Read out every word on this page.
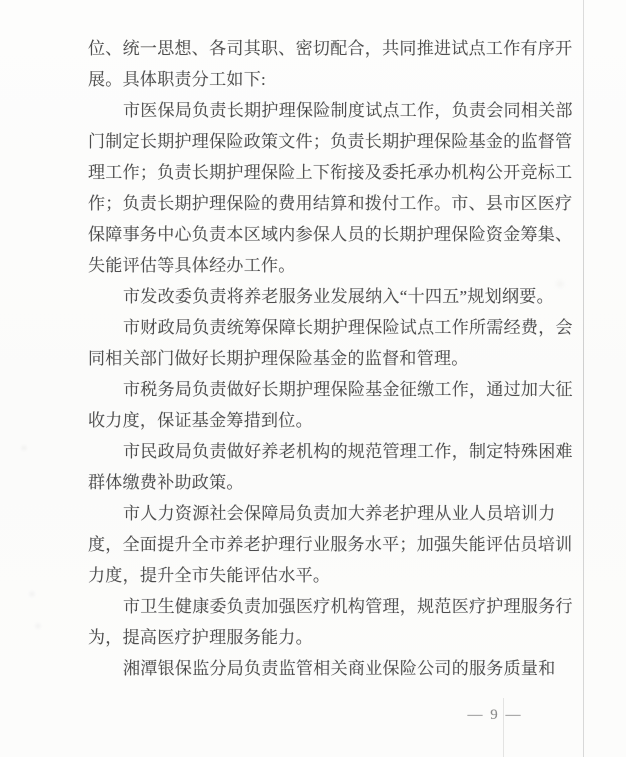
位、统一思想、各司其职、密切配合，共同推进试点工作有序开
展。具体职责分工如下:
市医保局负责长期护理保险制度试点工作，负责会同相关部
门制定长期护理保险政策文件；负责长期护理保险基金的监督管
理工作；负责长期护理保险上下衔接及委托承办机构公开竞标工
作；负责长期护理保险的费用结算和拨付工作。市、县市区医疗
保障事务中心负责本区域内参保人员的长期护理保险资金筹集、
失能评估等具体经办工作。
市发改委负责将养老服务业发展纳入“十四五”规划纲要。
市财政局负责统筹保障长期护理保险试点工作所需经费，会
同相关部门做好长期护理保险基金的监督和管理。
市税务局负责做好长期护理保险基金征缴工作，通过加大征
收力度，保证基金筹措到位。
市民政局负责做好养老机构的规范管理工作，制定特殊困难
群体缴费补助政策。
市人力资源社会保障局负责加大养老护理从业人员培训力
度，全面提升全市养老护理行业服务水平；加强失能评估员培训
力度，提升全市失能评估水平。
市卫生健康委负责加强医疗机构管理，规范医疗护理服务行
为，提高医疗护理服务能力。
湘潭银保监分局负责监管相关商业保险公司的服务质量和
— 9 —
